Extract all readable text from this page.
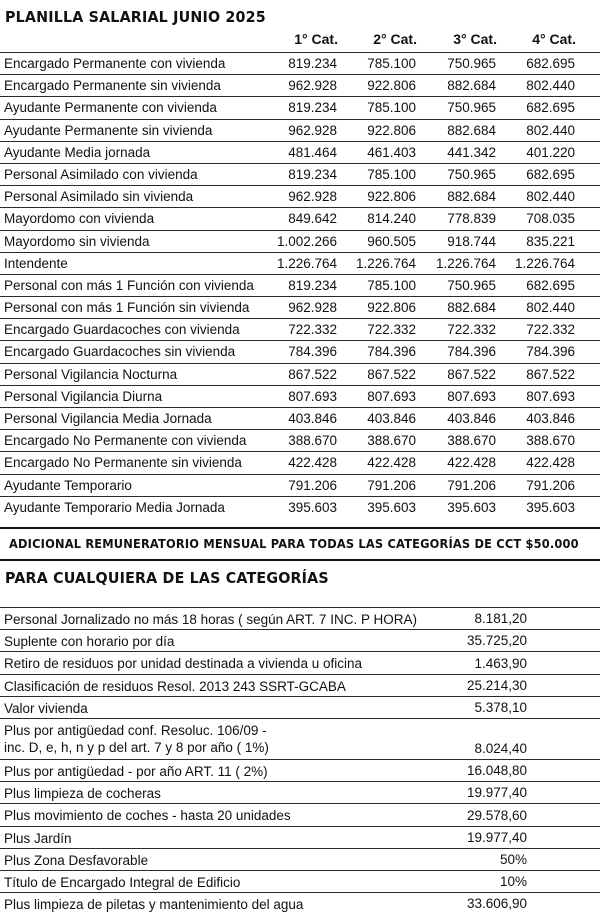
PLANILLA SALARIAL JUNIO 2025
1° Cat.	2° Cat.	3° Cat.	4° Cat.
Encargado Permanente con vivienda	819.234	785.100	750.965	682.695
Encargado Permanente sin vivienda	962.928	922.806	882.684	802.440
Ayudante Permanente con vivienda	819.234	785.100	750.965	682.695
Ayudante Permanente sin vivienda	962.928	922.806	882.684	802.440
Ayudante Media jornada	481.464	461.403	441.342	401.220
Personal Asimilado con vivienda	819.234	785.100	750.965	682.695
Personal Asimilado sin vivienda	962.928	922.806	882.684	802.440
Mayordomo con vivienda	849.642	814.240	778.839	708.035
Mayordomo sin vivienda	1.002.266	960.505	918.744	835.221
Intendente	1.226.764	1.226.764	1.226.764	1.226.764
Personal con más 1 Función con vivienda	819.234	785.100	750.965	682.695
Personal con más 1 Función sin vivienda	962.928	922.806	882.684	802.440
Encargado Guardacoches con vivienda	722.332	722.332	722.332	722.332
Encargado Guardacoches sin vivienda	784.396	784.396	784.396	784.396
Personal Vigilancia Nocturna	867.522	867.522	867.522	867.522
Personal Vigilancia Diurna	807.693	807.693	807.693	807.693
Personal Vigilancia Media Jornada	403.846	403.846	403.846	403.846
Encargado No Permanente con vivienda	388.670	388.670	388.670	388.670
Encargado No Permanente sin vivienda	422.428	422.428	422.428	422.428
Ayudante Temporario	791.206	791.206	791.206	791.206
Ayudante Temporario Media Jornada	395.603	395.603	395.603	395.603
ADICIONAL REMUNERATORIO MENSUAL PARA TODAS LAS CATEGORÍAS DE CCT $50.000
PARA CUALQUIERA DE LAS CATEGORÍAS
Personal Jornalizado no más 18 horas ( según ART. 7 INC. P HORA)	8.181,20
Suplente con horario por día	35.725,20
Retiro de residuos por unidad destinada a vivienda u oficina	1.463,90
Clasificación de residuos Resol. 2013 243 SSRT-GCABA	25.214,30
Valor vivienda	5.378,10
Plus por antigüedad conf. Resoluc. 106/09 -
inc. D, e, h, n y p del art. 7 y 8 por año ( 1%)	8.024,40
Plus por antigüedad - por año ART. 11 ( 2%)	16.048,80
Plus limpieza de cocheras	19.977,40
Plus movimiento de coches - hasta 20 unidades	29.578,60
Plus Jardín	19.977,40
Plus Zona Desfavorable	50%
Título de Encargado Integral de Edificio	10%
Plus limpieza de piletas y mantenimiento del agua	33.606,90
